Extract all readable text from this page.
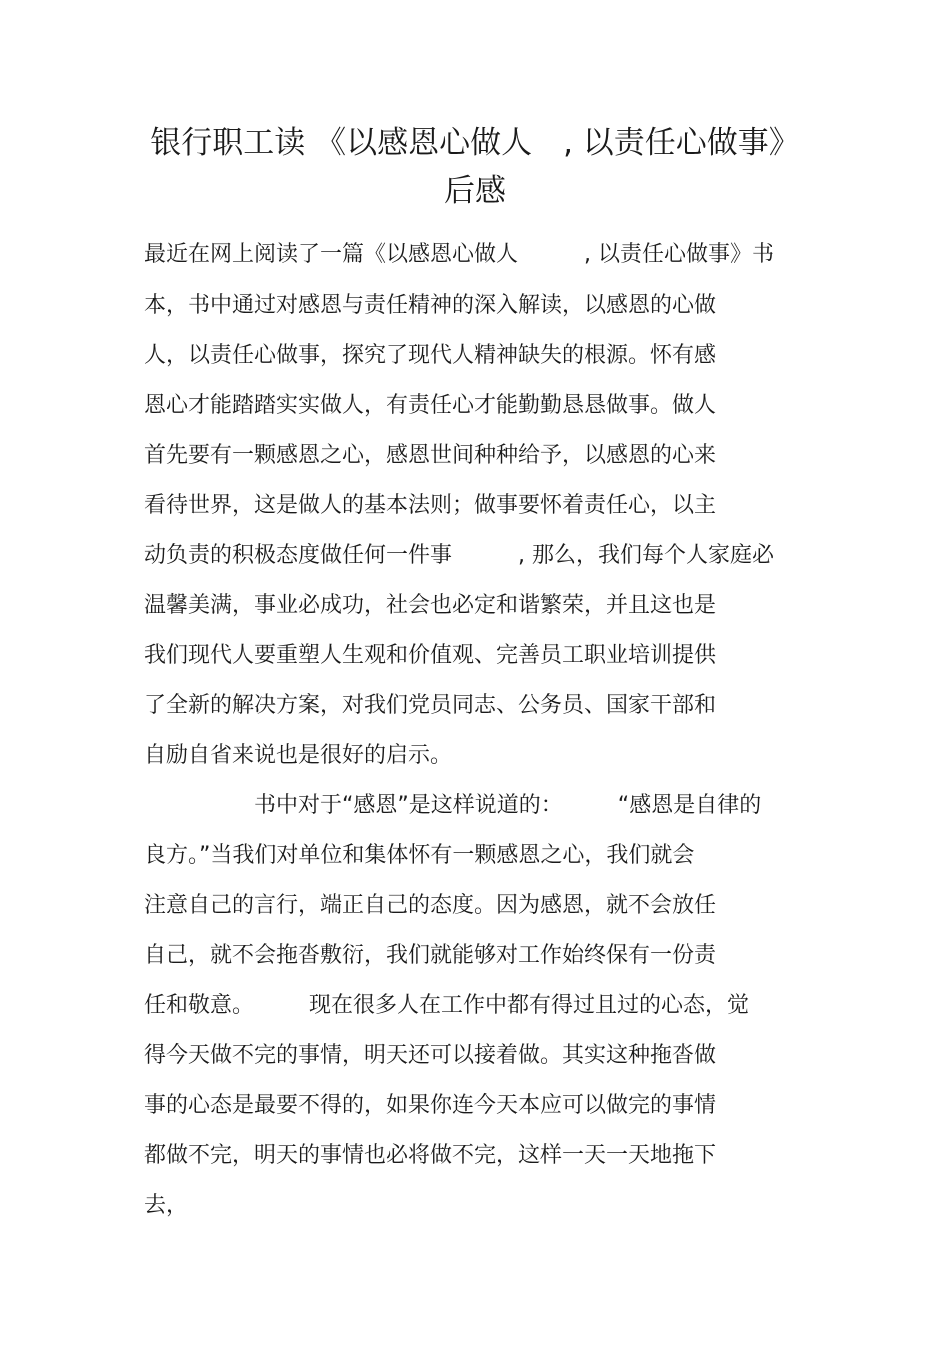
银行职工读 《以感恩心做人　, 以责任心做事》
后感
最近在网上阅读了一篇《以感恩心做人　　　, 以责任心做事》书
本，书中通过对感恩与责任精神的深入解读，以感恩的心做
人，以责任心做事，探究了现代人精神缺失的根源。怀有感
恩心才能踏踏实实做人，有责任心才能勤勤恳恳做事。做人
首先要有一颗感恩之心，感恩世间种种给予，以感恩的心来
看待世界，这是做人的基本法则；做事要怀着责任心，以主
动负责的积极态度做任何一件事　　　, 那么，我们每个人家庭必
温馨美满，事业必成功，社会也必定和谐繁荣，并且这也是
我们现代人要重塑人生观和价值观、完善员工职业培训提供
了全新的解决方案，对我们党员同志、公务员、国家干部和
自励自省来说也是很好的启示。
　　　　　书中对于“感恩”是这样说道的：　　　“感恩是自律的
良方。”当我们对单位和集体怀有一颗感恩之心，我们就会
注意自己的言行，端正自己的态度。因为感恩，就不会放任
自己，就不会拖沓敷衍，我们就能够对工作始终保有一份责
任和敬意。　　　现在很多人在工作中都有得过且过的心态，觉
得今天做不完的事情，明天还可以接着做。其实这种拖沓做
事的心态是最要不得的，如果你连今天本应可以做完的事情
都做不完，明天的事情也必将做不完，这样一天一天地拖下
去，
